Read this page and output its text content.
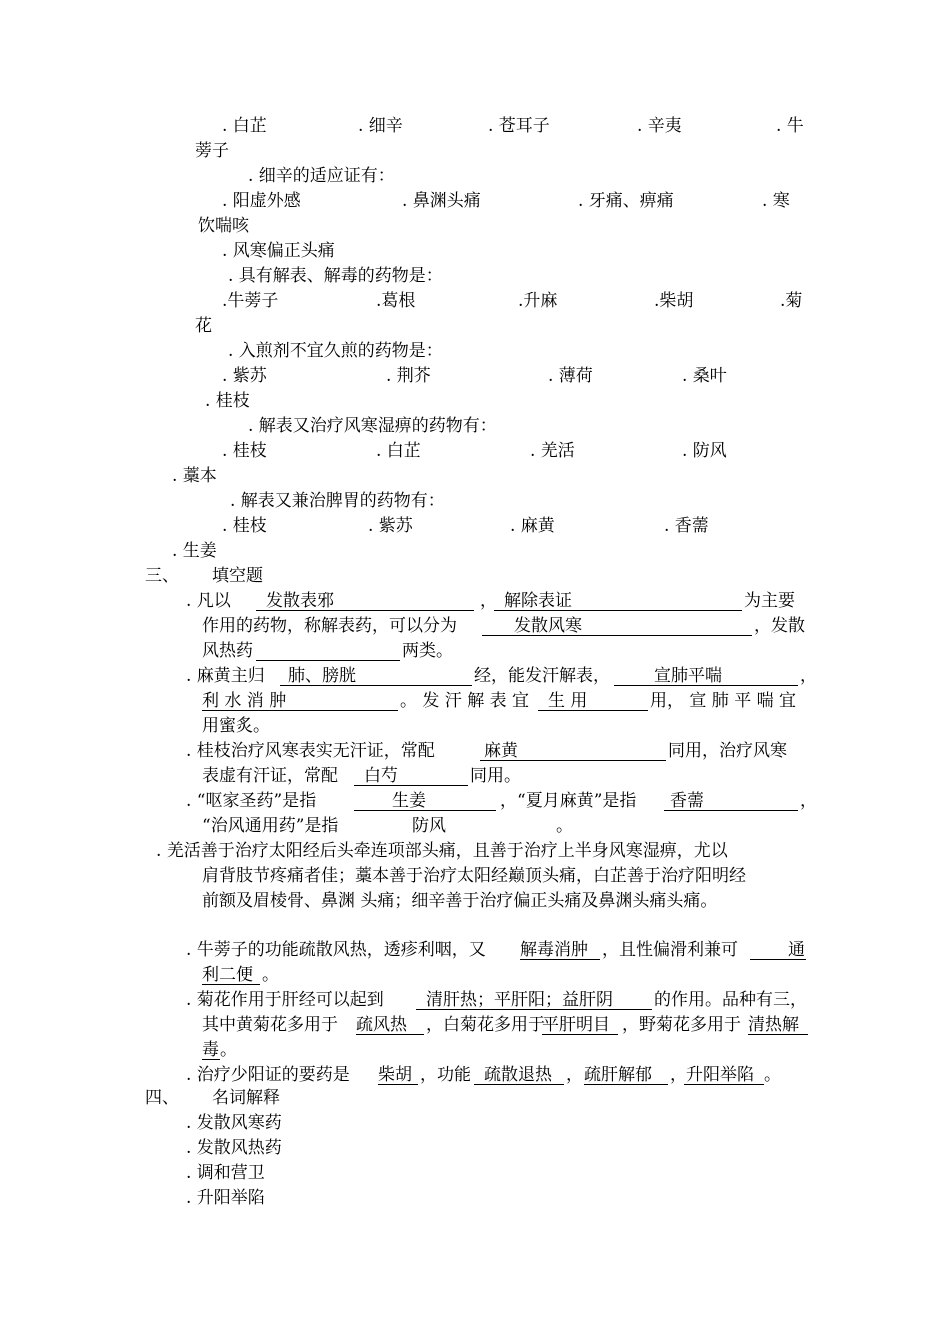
. 白芷	. 细辛	. 苍耳子	. 辛夷	. 牛
蒡子
. 细辛的适应证有：
. 阳虚外感	. 鼻渊头痛	. 牙痛、痹痛	. 寒
饮喘咳
. 风寒偏正头痛
. 具有解表、解毒的药物是：
.牛蒡子	.葛根	.升麻	.柴胡	.菊
花
. 入煎剂不宜久煎的药物是：
. 紫苏	. 荆芥	. 薄荷	. 桑叶
. 桂枝
. 解表又治疗风寒湿痹的药物有：
. 桂枝	. 白芷	. 羌活	. 防风
. 藁本
. 解表又兼治脾胃的药物有：
. 桂枝	. 紫苏	. 麻黄	. 香薷
. 生姜
三、 填空题
. 凡以 发散表邪	， 解除表证	为主要
作用的药物，称解表药，可以分为	发散风寒	，发散
风热药	两类。
. 麻黄主归 肺、膀胱	经，能发汗解表，	宣肺平喘	，
利 水 消 肿	。 发 汗 解 表 宜 生 用	用， 宣 肺 平 喘 宜
用蜜炙。
. 桂枝治疗风寒表实无汗证，常配	麻黄	同用，治疗风寒
表虚有汗证，常配 白芍	同用。
. “呕家圣药”是指	生姜	，“夏月麻黄”是指 香薷	，
“治风通用药”是指	防风	。
. 羌活善于治疗太阳经后头牵连项部头痛，且善于治疗上半身风寒湿痹，尤以
肩背肢节疼痛者佳；藁本善于治疗太阳经巅顶头痛，白芷善于治疗阳明经
前额及眉棱骨、鼻渊 头痛；细辛善于治疗偏正头痛及鼻渊头痛头痛。
. 牛蒡子的功能疏散风热，透疹利咽，又 解毒消肿 ，且性偏滑利兼可	通
利二便 。
. 菊花作用于肝经可以起到 清肝热；平肝阳；益肝阴 的作用。品种有三，
其中黄菊花多用于 疏风热 ，白菊花多用于
平肝明目 ，野菊花多用于 清热解
毒 。
. 治疗少阳证的要药是 柴胡 ，功能 疏散退热 ， 疏肝解郁 ， 升阳举陷 。
四、 名词解释
. 发散风寒药
. 发散风热药
. 调和营卫
. 升阳举陷
